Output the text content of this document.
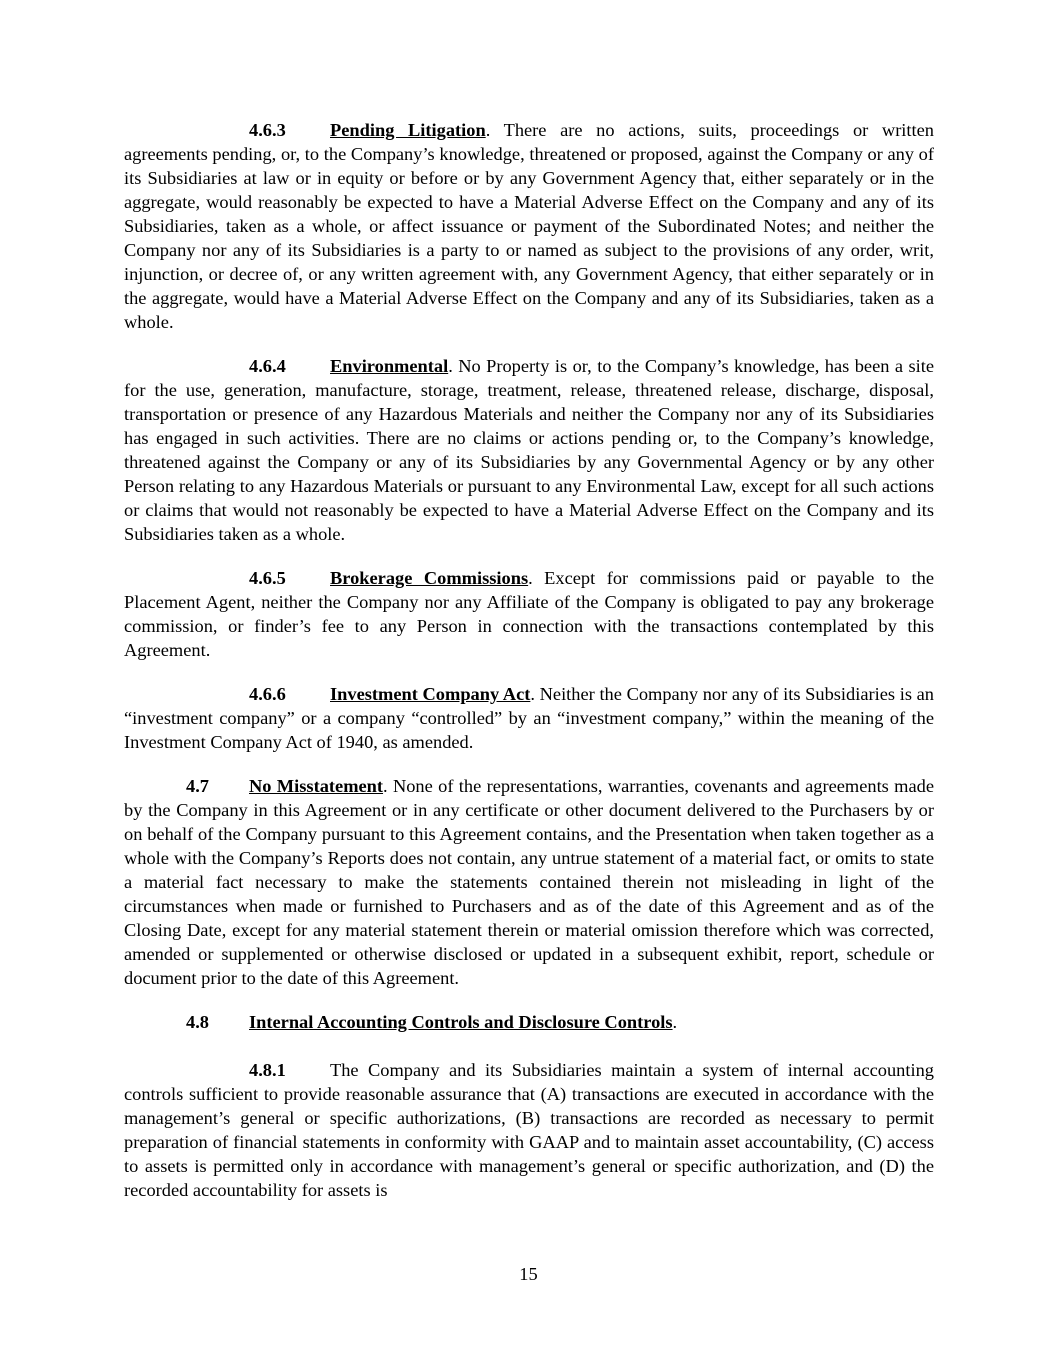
4.6.3 Pending Litigation. There are no actions, suits, proceedings or written agreements pending, or, to the Company’s knowledge, threatened or proposed, against the Company or any of its Subsidiaries at law or in equity or before or by any Government Agency that, either separately or in the aggregate, would reasonably be expected to have a Material Adverse Effect on the Company and any of its Subsidiaries, taken as a whole, or affect issuance or payment of the Subordinated Notes; and neither the Company nor any of its Subsidiaries is a party to or named as subject to the provisions of any order, writ, injunction, or decree of, or any written agreement with, any Government Agency, that either separately or in the aggregate, would have a Material Adverse Effect on the Company and any of its Subsidiaries, taken as a whole.

4.6.4 Environmental. No Property is or, to the Company’s knowledge, has been a site for the use, generation, manufacture, storage, treatment, release, threatened release, discharge, disposal, transportation or presence of any Hazardous Materials and neither the Company nor any of its Subsidiaries has engaged in such activities. There are no claims or actions pending or, to the Company’s knowledge, threatened against the Company or any of its Subsidiaries by any Governmental Agency or by any other Person relating to any Hazardous Materials or pursuant to any Environmental Law, except for all such actions or claims that would not reasonably be expected to have a Material Adverse Effect on the Company and its Subsidiaries taken as a whole.

4.6.5 Brokerage Commissions. Except for commissions paid or payable to the Placement Agent, neither the Company nor any Affiliate of the Company is obligated to pay any brokerage commission, or finder’s fee to any Person in connection with the transactions contemplated by this Agreement.

4.6.6 Investment Company Act. Neither the Company nor any of its Subsidiaries is an “investment company” or a company “controlled” by an “investment company,” within the meaning of the Investment Company Act of 1940, as amended.

4.7 No Misstatement. None of the representations, warranties, covenants and agreements made by the Company in this Agreement or in any certificate or other document delivered to the Purchasers by or on behalf of the Company pursuant to this Agreement contains, and the Presentation when taken together as a whole with the Company’s Reports does not contain, any untrue statement of a material fact, or omits to state a material fact necessary to make the statements contained therein not misleading in light of the circumstances when made or furnished to Purchasers and as of the date of this Agreement and as of the Closing Date, except for any material statement therein or material omission therefore which was corrected, amended or supplemented or otherwise disclosed or updated in a subsequent exhibit, report, schedule or document prior to the date of this Agreement.

4.8 Internal Accounting Controls and Disclosure Controls.

4.8.1 The Company and its Subsidiaries maintain a system of internal accounting controls sufficient to provide reasonable assurance that (A) transactions are executed in accordance with the management’s general or specific authorizations, (B) transactions are recorded as necessary to permit preparation of financial statements in conformity with GAAP and to maintain asset accountability, (C) access to assets is permitted only in accordance with management’s general or specific authorization, and (D) the recorded accountability for assets is

15
